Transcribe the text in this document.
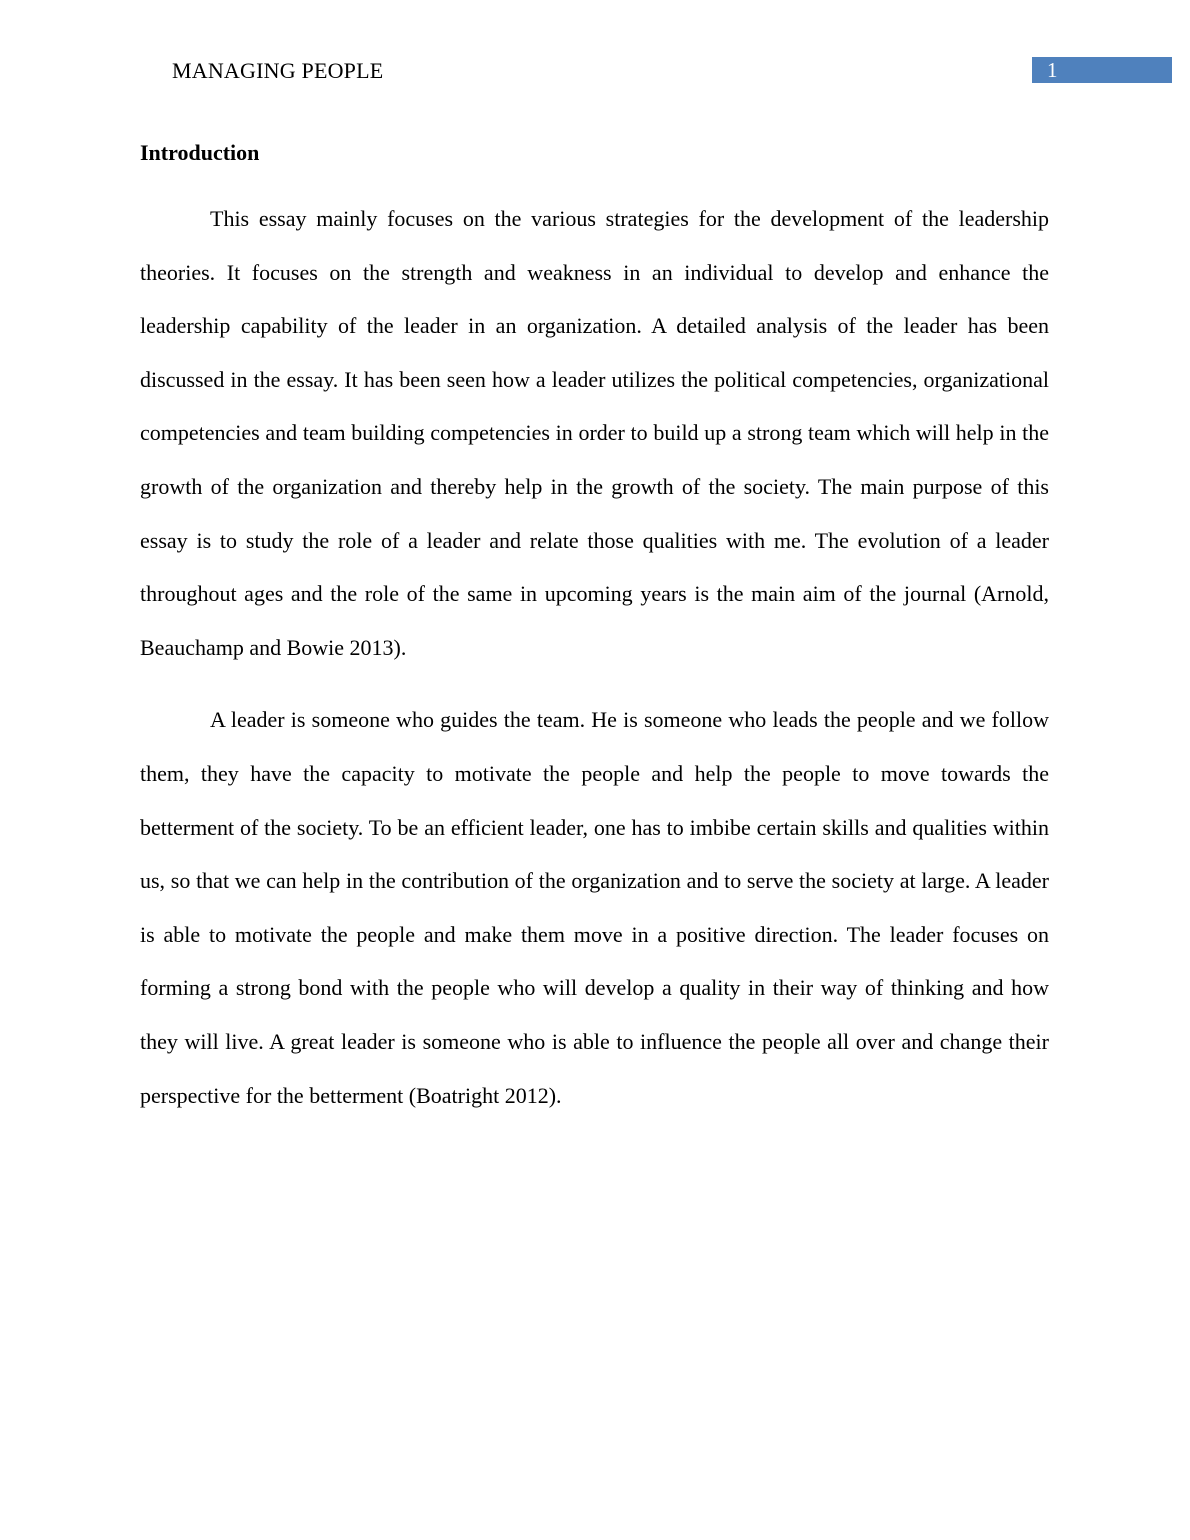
MANAGING PEOPLE	1
Introduction

This essay mainly focuses on the various strategies for the development of the leadership theories. It focuses on the strength and weakness in an individual to develop and enhance the leadership capability of the leader in an organization. A detailed analysis of the leader has been discussed in the essay. It has been seen how a leader utilizes the political competencies, organizational competencies and team building competencies in order to build up a strong team which will help in the growth of the organization and thereby help in the growth of the society. The main purpose of this essay is to study the role of a leader and relate those qualities with me. The evolution of a leader throughout ages and the role of the same in upcoming years is the main aim of the journal (Arnold, Beauchamp and Bowie 2013).

A leader is someone who guides the team. He is someone who leads the people and we follow them, they have the capacity to motivate the people and help the people to move towards the betterment of the society. To be an efficient leader, one has to imbibe certain skills and qualities within us, so that we can help in the contribution of the organization and to serve the society at large. A leader is able to motivate the people and make them move in a positive direction. The leader focuses on forming a strong bond with the people who will develop a quality in their way of thinking and how they will live. A great leader is someone who is able to influence the people all over and change their perspective for the betterment (Boatright 2012).
